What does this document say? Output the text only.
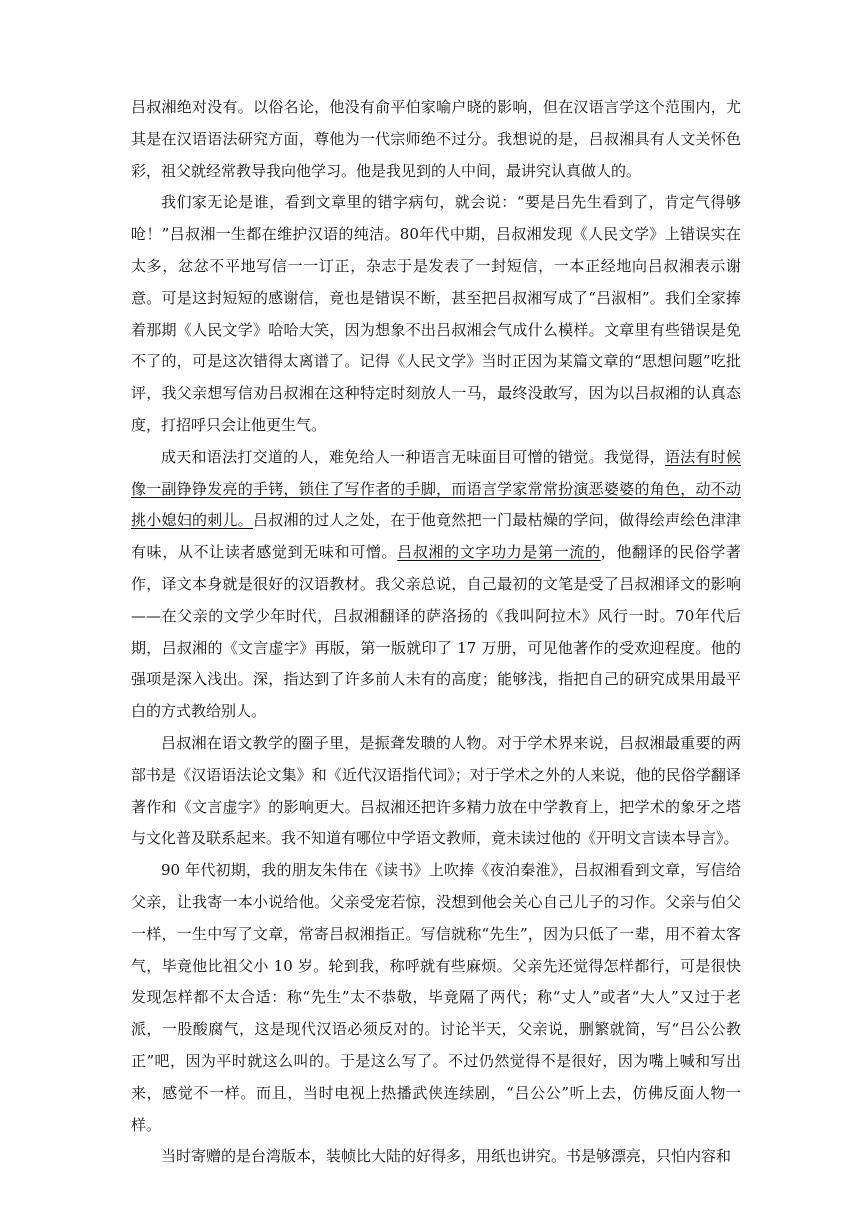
吕叔湘绝对没有。以俗名论，他没有俞平伯家喻户晓的影响，但在汉语言学这个范围内，尤其是在汉语语法研究方面，尊他为一代宗师绝不过分。我想说的是，吕叔湘具有人文关怀色彩，祖父就经常教导我向他学习。他是我见到的人中间，最讲究认真做人的。

我们家无论是谁，看到文章里的错字病句，就会说：“要是吕先生看到了，肯定气得够呛！”吕叔湘一生都在维护汉语的纯洁。80年代中期，吕叔湘发现《人民文学》上错误实在太多，忿忿不平地写信一一订正，杂志于是发表了一封短信，一本正经地向吕叔湘表示谢意。可是这封短短的感谢信，竟也是错误不断，甚至把吕叔湘写成了“吕淑相”。我们全家捧着那期《人民文学》哈哈大笑，因为想象不出吕叔湘会气成什么模样。文章里有些错误是免不了的，可是这次错得太离谱了。记得《人民文学》当时正因为某篇文章的“思想问题”吃批评，我父亲想写信劝吕叔湘在这种特定时刻放人一马，最终没敢写，因为以吕叔湘的认真态度，打招呼只会让他更生气。

成天和语法打交道的人，难免给人一种语言无味面目可憎的错觉。我觉得，语法有时候像一副铮铮发亮的手铐，锁住了写作者的手脚，而语言学家常常扮演恶婆婆的角色，动不动挑小媳妇的刺儿。吕叔湘的过人之处，在于他竟然把一门最枯燥的学问，做得绘声绘色津津有味，从不让读者感觉到无味和可憎。吕叔湘的文字功力是第一流的，他翻译的民俗学著作，译文本身就是很好的汉语教材。我父亲总说，自己最初的文笔是受了吕叔湘译文的影响——在父亲的文学少年时代，吕叔湘翻译的萨洛扬的《我叫阿拉木》风行一时。70年代后期，吕叔湘的《文言虚字》再版，第一版就印了 17 万册，可见他著作的受欢迎程度。他的强项是深入浅出。深，指达到了许多前人未有的高度；能够浅，指把自己的研究成果用最平白的方式教给别人。

吕叔湘在语文教学的圈子里，是振聋发聩的人物。对于学术界来说，吕叔湘最重要的两部书是《汉语语法论文集》和《近代汉语指代词》；对于学术之外的人来说，他的民俗学翻译著作和《文言虚字》的影响更大。吕叔湘还把许多精力放在中学教育上，把学术的象牙之塔与文化普及联系起来。我不知道有哪位中学语文教师，竟未读过他的《开明文言读本导言》。

90 年代初期，我的朋友朱伟在《读书》上吹捧《夜泊秦淮》，吕叔湘看到文章，写信给父亲，让我寄一本小说给他。父亲受宠若惊，没想到他会关心自己儿子的习作。父亲与伯父一样，一生中写了文章，常寄吕叔湘指正。写信就称“先生”，因为只低了一辈，用不着太客气，毕竟他比祖父小 10 岁。轮到我，称呼就有些麻烦。父亲先还觉得怎样都行，可是很快发现怎样都不太合适：称“先生”太不恭敬，毕竟隔了两代；称“丈人”或者“大人”又过于老派，一股酸腐气，这是现代汉语必须反对的。讨论半天，父亲说，删繁就简，写“吕公公教正”吧，因为平时就这么叫的。于是这么写了。不过仍然觉得不是很好，因为嘴上喊和写出来，感觉不一样。而且，当时电视上热播武侠连续剧，“吕公公”听上去，仿佛反面人物一样。

当时寄赠的是台湾版本，装帧比大陆的好得多，用纸也讲究。书是够漂亮，只怕内容和
